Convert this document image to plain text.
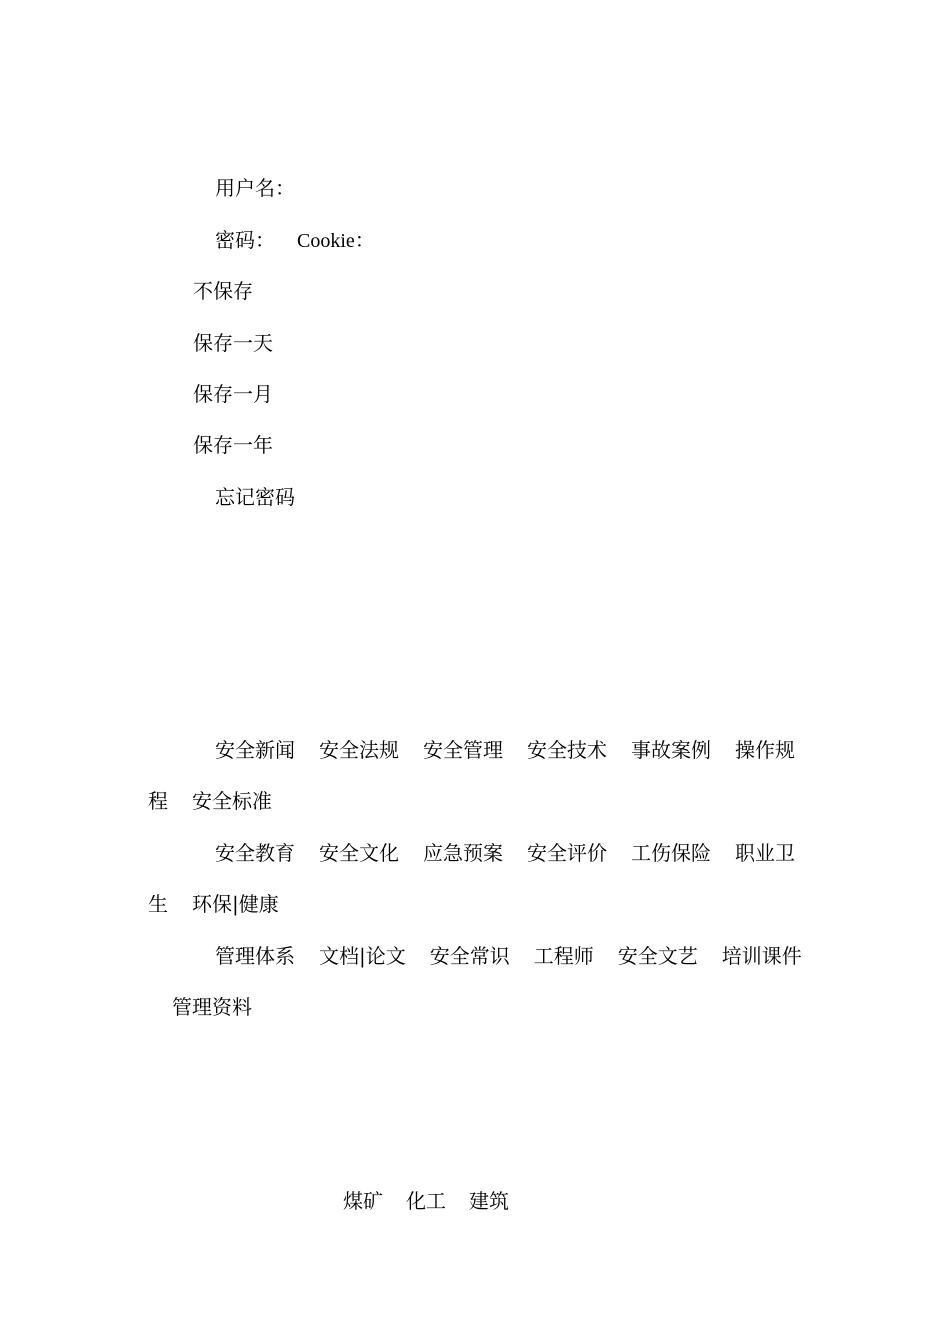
用户名：
密码： Cookie：
不保存
保存一天
保存一月
保存一年
忘记密码
安全新闻 安全法规 安全管理 安全技术 事故案例 操作规程 安全标准
安全教育 安全文化 应急预案 安全评价 工伤保险 职业卫生 环保|健康
管理体系 文档|论文 安全常识 工程师 安全文艺 培训课件管理资料
煤矿 化工 建筑
